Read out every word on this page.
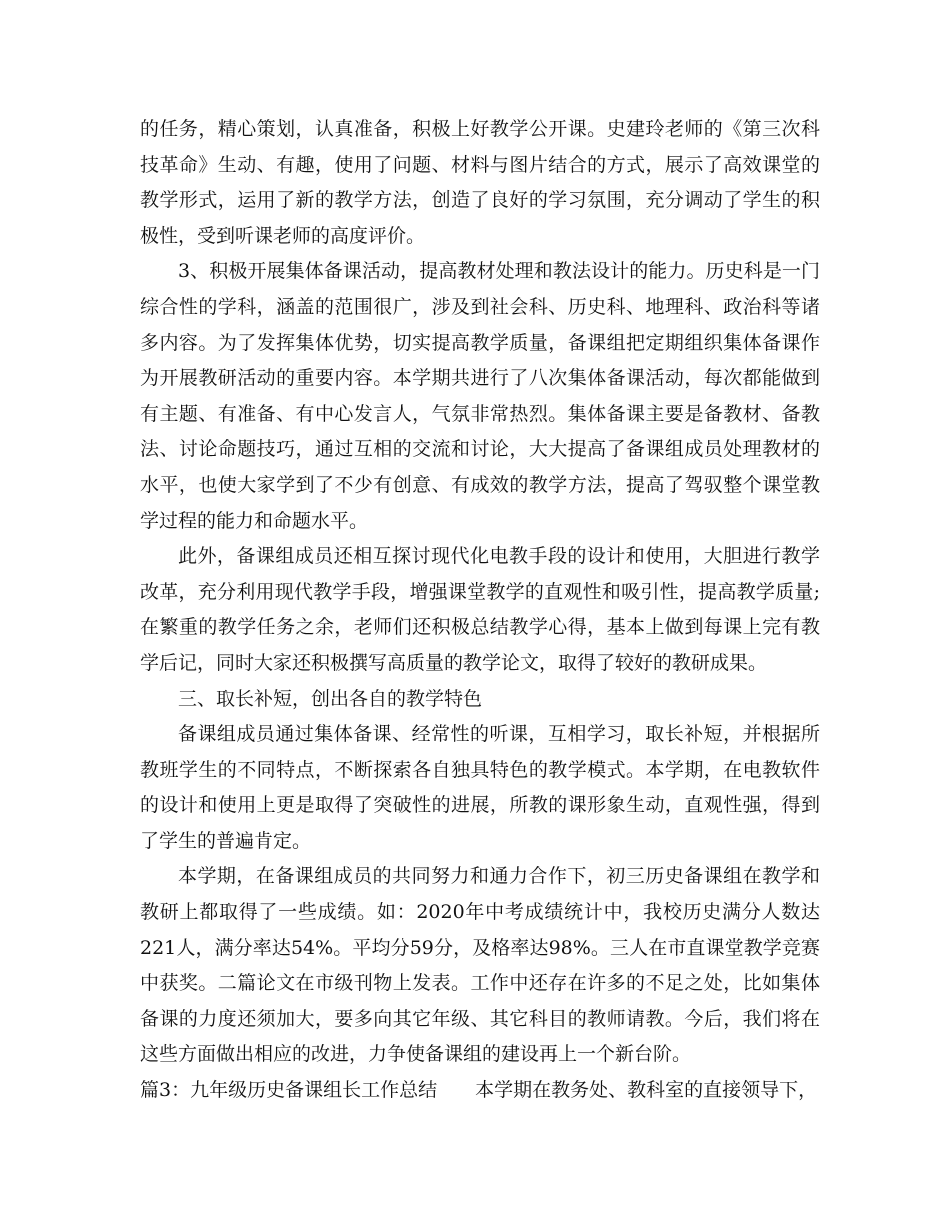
的任务，精心策划，认真准备，积极上好教学公开课。史建玲老师的《第三次科技革命》生动、有趣，使用了问题、材料与图片结合的方式，展示了高效课堂的教学形式，运用了新的教学方法，创造了良好的学习氛围，充分调动了学生的积极性，受到听课老师的高度评价。

3、积极开展集体备课活动，提高教材处理和教法设计的能力。历史科是一门综合性的学科，涵盖的范围很广，涉及到社会科、历史科、地理科、政治科等诸多内容。为了发挥集体优势，切实提高教学质量，备课组把定期组织集体备课作为开展教研活动的重要内容。本学期共进行了八次集体备课活动，每次都能做到有主题、有准备、有中心发言人，气氛非常热烈。集体备课主要是备教材、备教法、讨论命题技巧，通过互相的交流和讨论，大大提高了备课组成员处理教材的水平，也使大家学到了不少有创意、有成效的教学方法，提高了驾驭整个课堂教学过程的能力和命题水平。

此外，备课组成员还相互探讨现代化电教手段的设计和使用，大胆进行教学改革，充分利用现代教学手段，增强课堂教学的直观性和吸引性，提高教学质量;在繁重的教学任务之余，老师们还积极总结教学心得，基本上做到每课上完有教学后记，同时大家还积极撰写高质量的教学论文，取得了较好的教研成果。

三、取长补短，创出各自的教学特色

备课组成员通过集体备课、经常性的听课，互相学习，取长补短，并根据所教班学生的不同特点，不断探索各自独具特色的教学模式。本学期，在电教软件的设计和使用上更是取得了突破性的进展，所教的课形象生动，直观性强，得到了学生的普遍肯定。

本学期，在备课组成员的共同努力和通力合作下，初三历史备课组在教学和教研上都取得了一些成绩。如：2020年中考成绩统计中，我校历史满分人数达221人，满分率达54%。平均分59分，及格率达98%。三人在市直课堂教学竞赛中获奖。二篇论文在市级刊物上发表。工作中还存在许多的不足之处，比如集体备课的力度还须加大，要多向其它年级、其它科目的教师请教。今后，我们将在这些方面做出相应的改进，力争使备课组的建设再上一个新台阶。

篇3：九年级历史备课组长工作总结 本学期在教务处、教科室的直接领导下，
